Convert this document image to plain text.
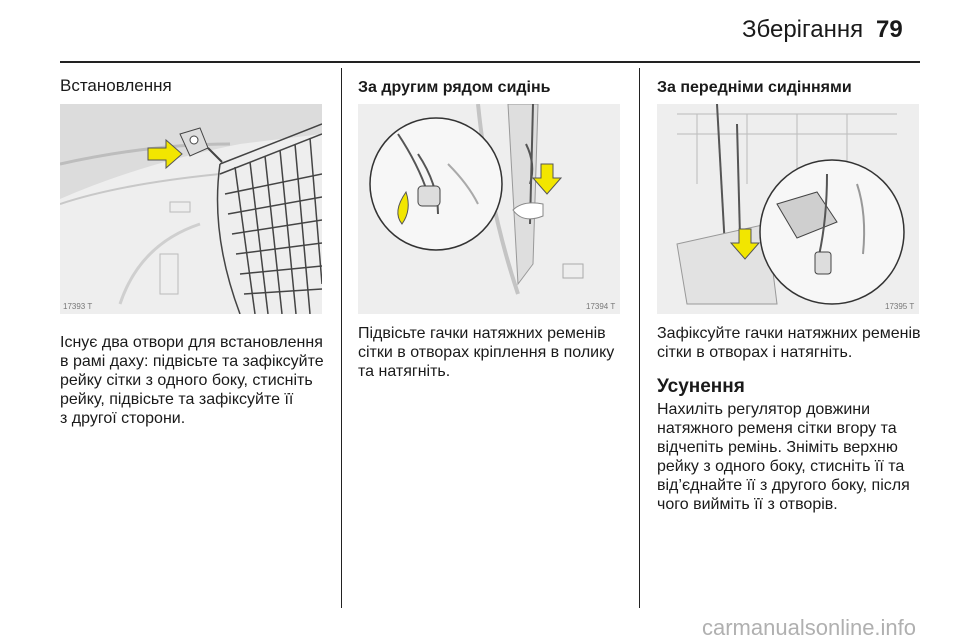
Зберігання 79
Встановлення
17393 T
Існує два отвори для встановлення
в рамі даху: підвісьте та зафіксуйте
рейку сітки з одного боку, стисніть
рейку, підвісьте та зафіксуйте її
з другої сторони.
За другим рядом сидінь
17394 T
Підвісьте гачки натяжних ременів
сітки в отворах кріплення в полику
та натягніть.
За передніми сидіннями
17395 T
Зафіксуйте гачки натяжних ременів
сітки в отворах і натягніть.
Усунення
Нахиліть регулятор довжини
натяжного ременя сітки вгору та
відчепіть ремінь. Зніміть верхню
рейку з одного боку, стисніть її та
від’єднайте її з другого боку, після
чого вийміть її з отворів.
carmanualsonline.info
